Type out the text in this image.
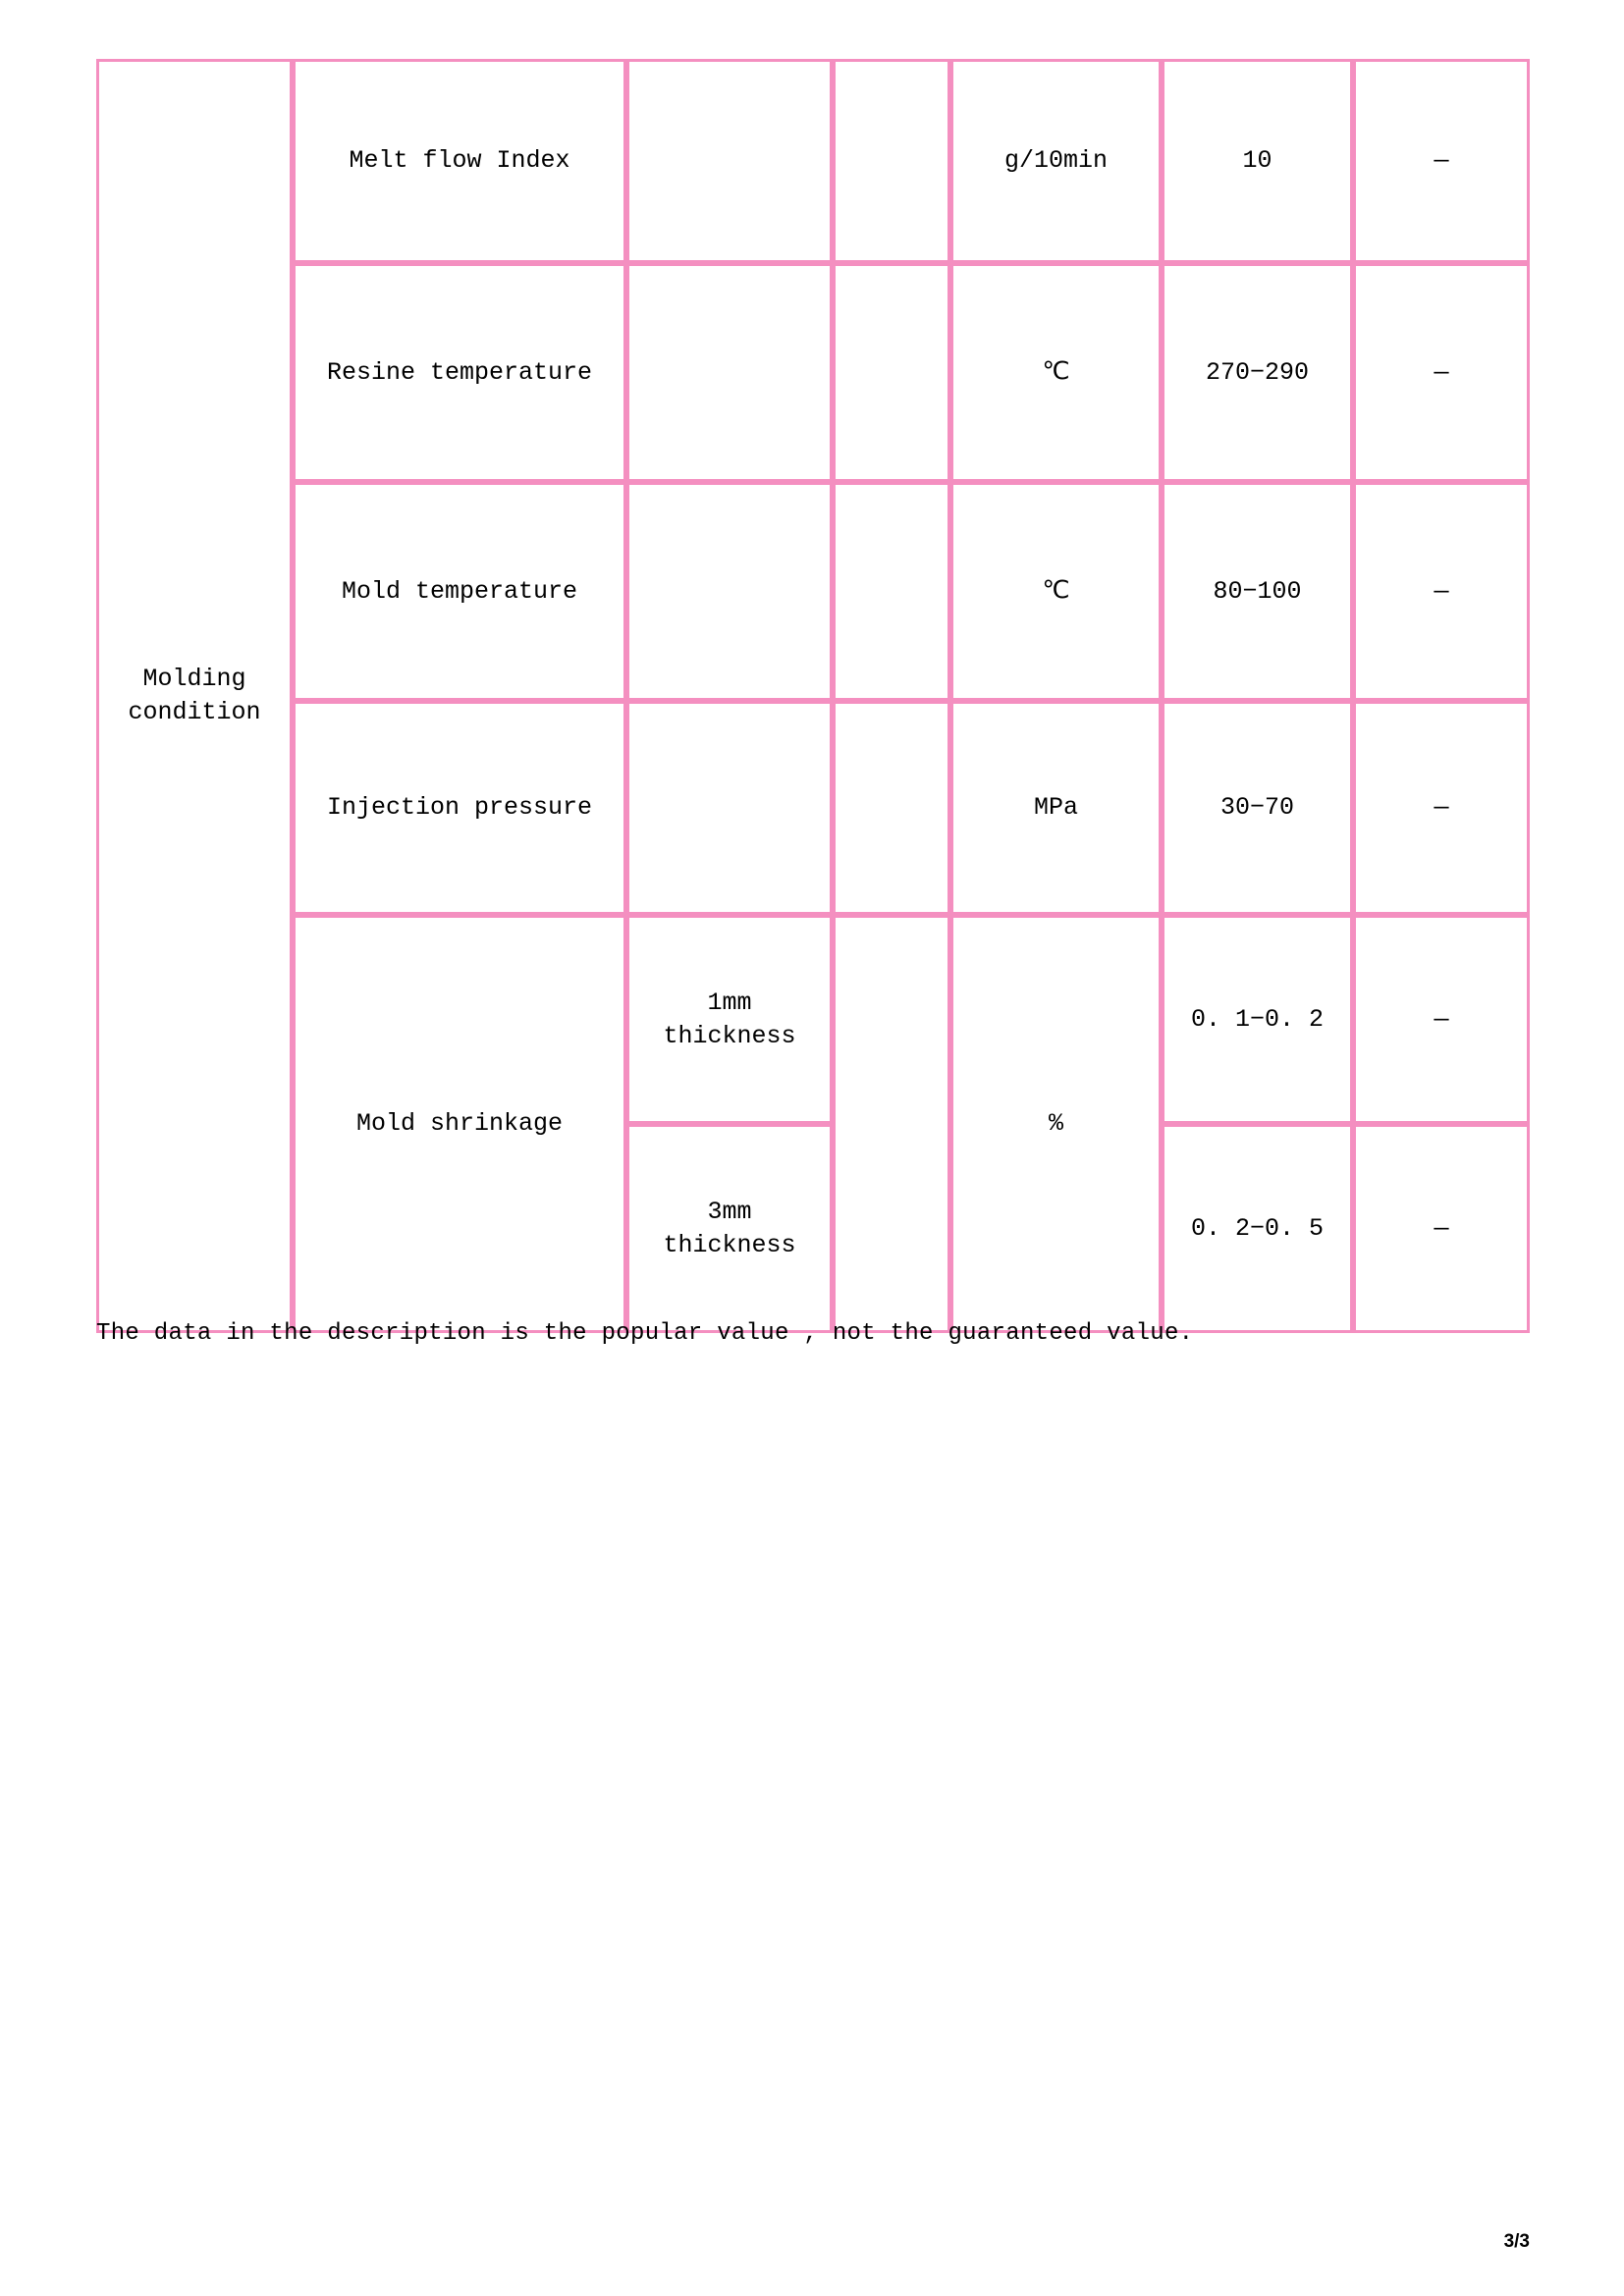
Molding
condition	Melt flow Index			g/10min	10	—
	Resine temperature			℃	270−290	—
	Mold temperature			℃	80−100	—
	Injection pressure			MPa	30−70	—
	Mold shrinkage	1mm
thickness		%	0. 1−0. 2	—
		3mm
thickness			0. 2−0. 5	—
The data in the description is the popular value , not the guaranteed value.
3/3
